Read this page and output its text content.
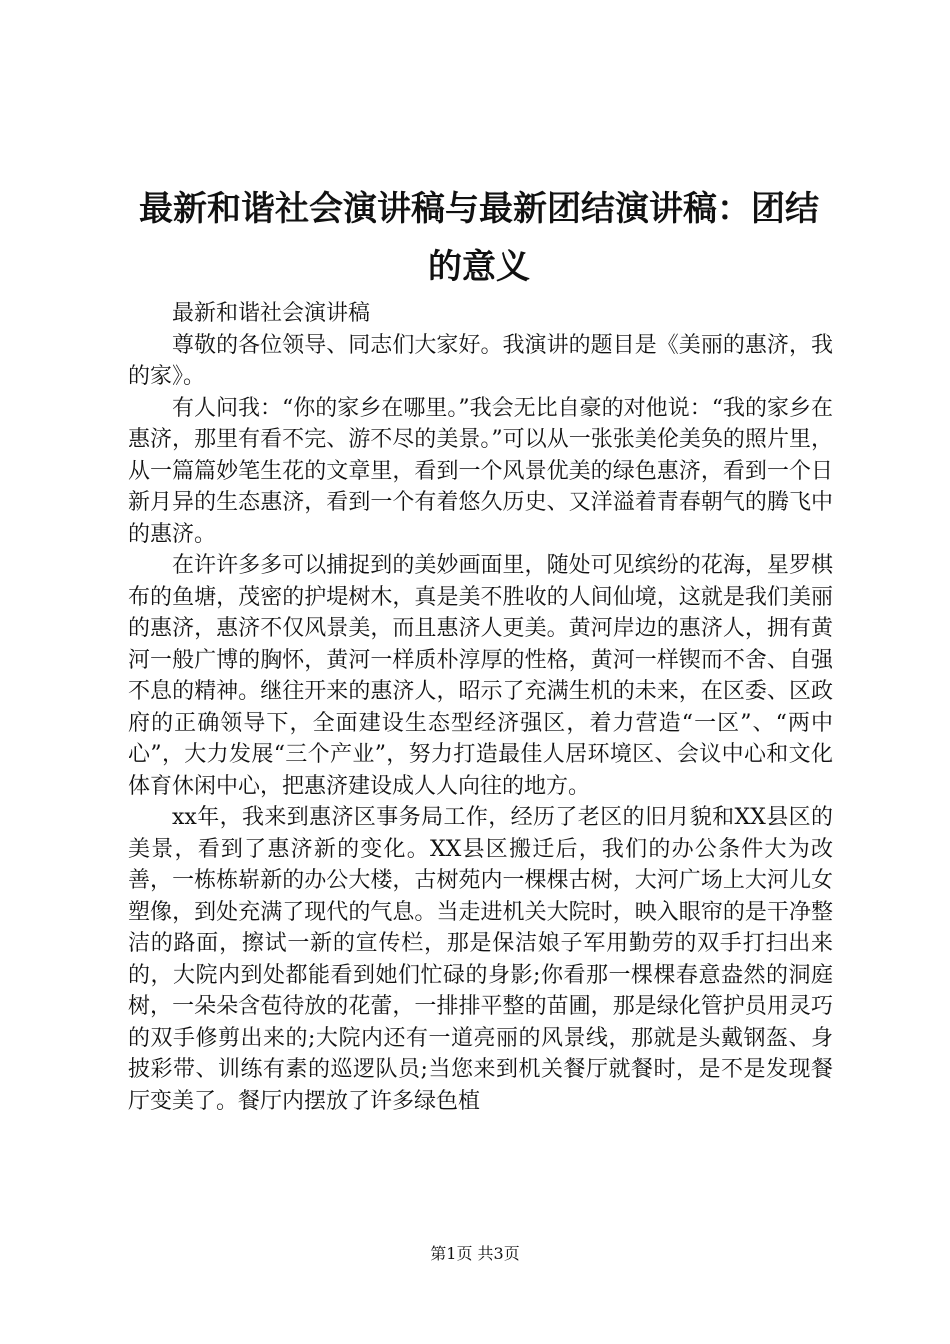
最新和谐社会演讲稿与最新团结演讲稿：团结的意义

最新和谐社会演讲稿

尊敬的各位领导、同志们大家好。我演讲的题目是《美丽的惠济，我的家》。

有人问我：“你的家乡在哪里。”我会无比自豪的对他说：“我的家乡在惠济，那里有看不完、游不尽的美景。”可以从一张张美伦美奂的照片里，从一篇篇妙笔生花的文章里，看到一个风景优美的绿色惠济，看到一个日新月异的生态惠济，看到一个有着悠久历史、又洋溢着青春朝气的腾飞中的惠济。

在许许多多可以捕捉到的美妙画面里，随处可见缤纷的花海，星罗棋布的鱼塘，茂密的护堤树木，真是美不胜收的人间仙境，这就是我们美丽的惠济，惠济不仅风景美，而且惠济人更美。黄河岸边的惠济人，拥有黄河一般广博的胸怀，黄河一样质朴淳厚的性格，黄河一样锲而不舍、自强不息的精神。继往开来的惠济人，昭示了充满生机的未来，在区委、区政府的正确领导下，全面建设生态型经济强区，着力营造“一区”、“两中心”，大力发展“三个产业”，努力打造最佳人居环境区、会议中心和文化体育休闲中心，把惠济建设成人人向往的地方。

xx年，我来到惠济区事务局工作，经历了老区的旧月貌和XX县区的美景，看到了惠济新的变化。XX县区搬迁后，我们的办公条件大为改善，一栋栋崭新的办公大楼，古树苑内一棵棵古树，大河广场上大河儿女塑像，到处充满了现代的气息。当走进机关大院时，映入眼帘的是干净整洁的路面，擦试一新的宣传栏，那是保洁娘子军用勤劳的双手打扫出来的，大院内到处都能看到她们忙碌的身影;你看那一棵棵春意盎然的洞庭树，一朵朵含苞待放的花蕾，一排排平整的苗圃，那是绿化管护员用灵巧的双手修剪出来的;大院内还有一道亮丽的风景线，那就是头戴钢盔、身披彩带、训练有素的巡逻队员;当您来到机关餐厅就餐时，是不是发现餐厅变美了。餐厅内摆放了许多绿色植

第1页 共3页
